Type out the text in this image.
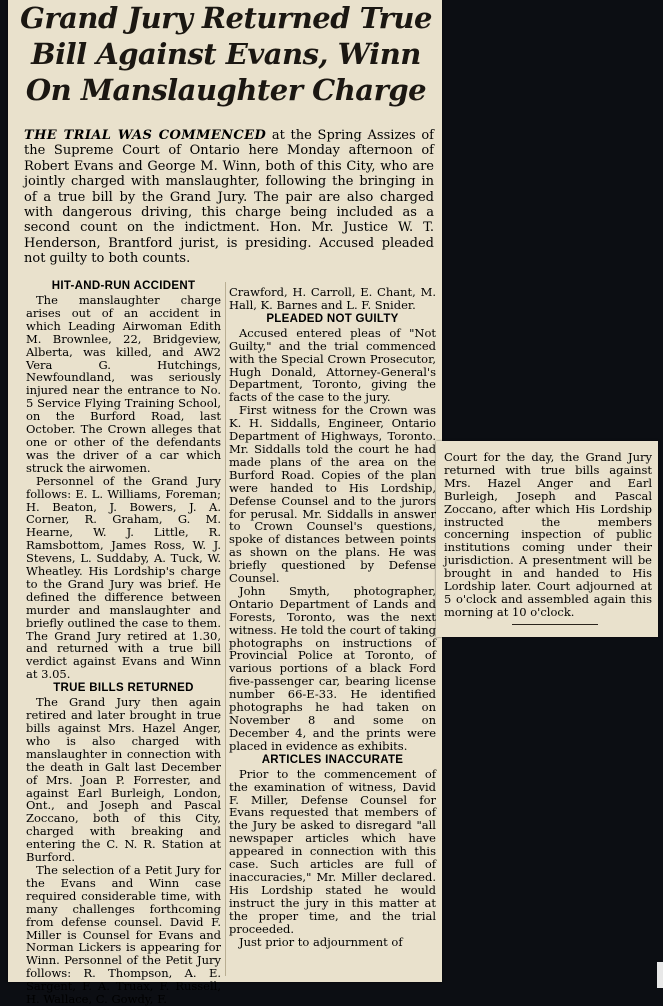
Grand Jury Returned True
Bill Against Evans, Winn
On Manslaughter Charge
THE TRIAL WAS COMMENCED at the Spring Assizes of the Supreme Court of Ontario here Monday afternoon of Robert Evans and George M. Winn, both of this City, who are jointly charged with manslaughter, following the bringing in of a true bill by the Grand Jury. The pair are also charged with dangerous driving, this charge being included as a second count on the indictment. Hon. Mr. Justice W. T. Henderson, Brantford jurist, is presiding. Accused pleaded not guilty to both counts.
HIT-AND-RUN ACCIDENT

The manslaughter charge arises out of an accident in which Leading Airwoman Edith M. Brownlee, 22, Bridgeview, Alberta, was killed, and AW2 Vera G. Hutchings, Newfoundland, was seriously injured near the entrance to No. 5 Service Flying Training School, on the Burford Road, last October. The Crown alleges that one or other of the defendants was the driver of a car which struck the airwomen.

Personnel of the Grand Jury follows: E. L. Williams, Foreman; H. Beaton, J. Bowers, J. A. Corner, R. Graham, G. M. Hearne, W. J. Little, R. Ramsbottom, James Ross, W. J. Stevens, L. Suddaby, A. Tuck, W. Wheatley. His Lordship's charge to the Grand Jury was brief. He defined the difference between murder and manslaughter and briefly outlined the case to them. The Grand Jury retired at 1.30, and returned with a true bill verdict against Evans and Winn at 3.05.

TRUE BILLS RETURNED

The Grand Jury then again retired and later brought in true bills against Mrs. Hazel Anger, who is also charged with manslaughter in connection with the death in Galt last December of Mrs. Joan P. Forrester, and against Earl Burleigh, London, Ont., and Joseph and Pascal Zoccano, both of this City, charged with breaking and entering the C. N. R. Station at Burford.

The selection of a Petit Jury for the Evans and Winn case required considerable time, with many challenges forthcoming from defense counsel. David F. Miller is Counsel for Evans and Norman Lickers is appearing for Winn. Personnel of the Petit Jury follows: R. Thompson, A. E. Sargent, F. A. Truax, F. Russell, H. Wallace, C. Gowdy, F.

Crawford, H. Carroll, E. Chant, M. Hall, K. Barnes and L. F. Snider.

PLEADED NOT GUILTY

Accused entered pleas of "Not Guilty," and the trial commenced with the Special Crown Prosecutor, Hugh Donald, Attorney-General's Department, Toronto, giving the facts of the case to the jury.

First witness for the Crown was K. H. Siddalls, Engineer, Ontario Department of Highways, Toronto. Mr. Siddalls told the court he had made plans of the area on the Burford Road. Copies of the plan were handed to His Lordship, Defense Counsel and to the jurors for perusal. Mr. Siddalls in answer to Crown Counsel's questions, spoke of distances between points as shown on the plans. He was briefly questioned by Defense Counsel.

John Smyth, photographer, Ontario Department of Lands and Forests, Toronto, was the next witness. He told the court of taking photographs on instructions of Provincial Police at Toronto, of various portions of a black Ford five-passenger car, bearing license number 66-E-33. He identified photographs he had taken on November 8 and some on December 4, and the prints were placed in evidence as exhibits.

ARTICLES INACCURATE

Prior to the commencement of the examination of witness, David F. Miller, Defense Counsel for Evans requested that members of the Jury be asked to disregard "all newspaper articles which have appeared in connection with this case. Such articles are full of inaccuracies," Mr. Miller declared. His Lordship stated he would instruct the jury in this matter at the proper time, and the trial proceeded.

Just prior to adjournment of

Court for the day, the Grand Jury returned with true bills against Mrs. Hazel Anger and Earl Burleigh, Joseph and Pascal Zoccano, after which His Lordship instructed the members concerning inspection of public institutions coming under their jurisdiction. A presentment will be brought in and handed to His Lordship later. Court adjourned at 5 o'clock and assembled again this morning at 10 o'clock.
